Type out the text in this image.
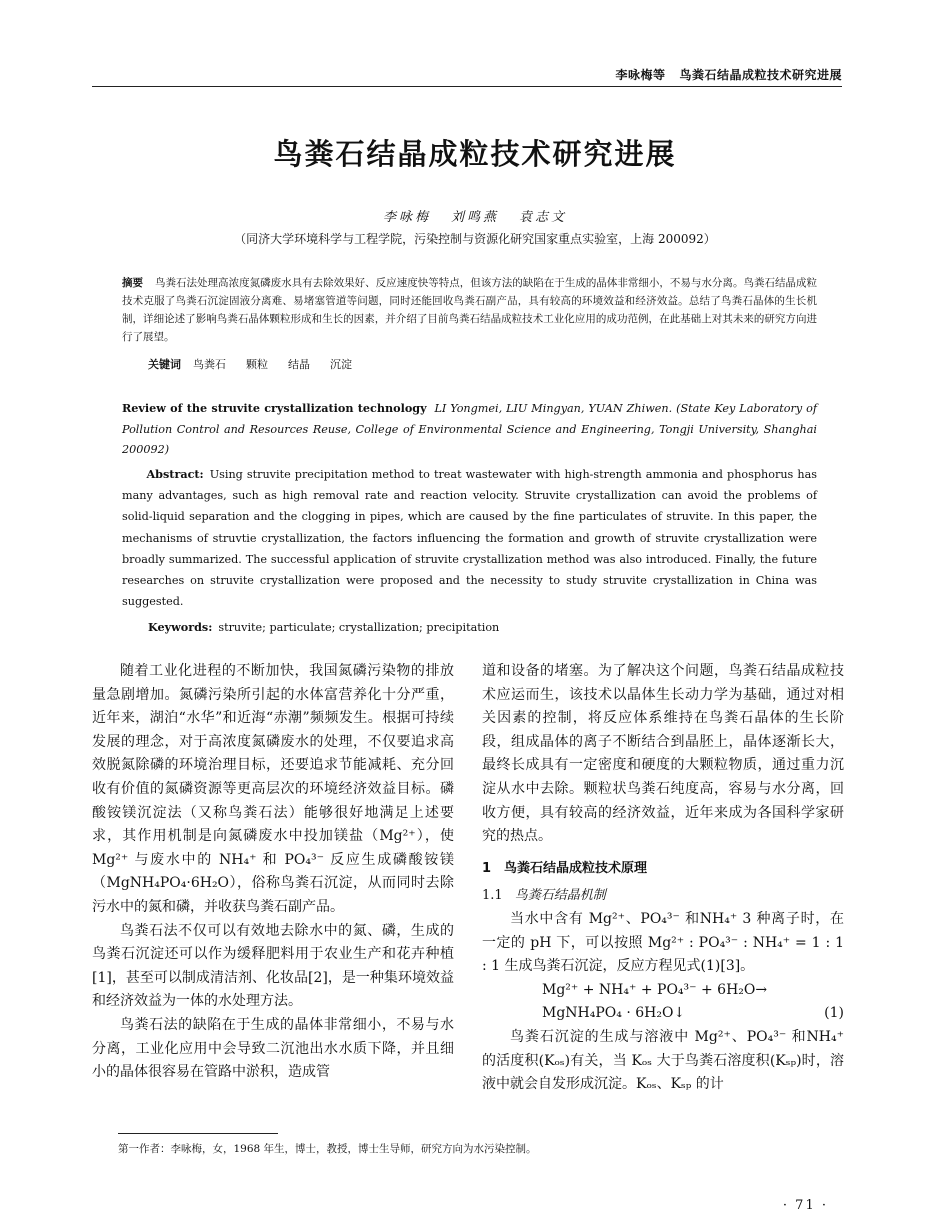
李咏梅等 鸟粪石结晶成粒技术研究进展
鸟粪石结晶成粒技术研究进展
李咏梅 刘鸣燕 袁志文
（同济大学环境科学与工程学院，污染控制与资源化研究国家重点实验室，上海 200092）
摘要 鸟粪石法处理高浓度氮磷废水具有去除效果好、反应速度快等特点，但该方法的缺陷在于生成的晶体非常细小，不易与水分离。鸟粪石结晶成粒技术克服了鸟粪石沉淀固液分离难、易堵塞管道等问题，同时还能回收鸟粪石副产品，具有较高的环境效益和经济效益。总结了鸟粪石晶体的生长机制，详细论述了影响鸟粪石晶体颗粒形成和生长的因素，并介绍了目前鸟粪石结晶成粒技术工业化应用的成功范例，在此基础上对其未来的研究方向进行了展望。
关键词 鸟粪石 颗粒 结晶 沉淀
Review of the struvite crystallization technology LI Yongmei, LIU Mingyan, YUAN Zhiwen. (State Key Laboratory of Pollution Control and Resources Reuse, College of Environmental Science and Engineering, Tongji University, Shanghai 200092)
Abstract: Using struvite precipitation method to treat wastewater with high-strength ammonia and phosphorus has many advantages, such as high removal rate and reaction velocity. Struvite crystallization can avoid the problems of solid-liquid separation and the clogging in pipes, which are caused by the fine particulates of struvite. In this paper, the mechanisms of struvtie crystallization, the factors influencing the formation and growth of struvite crystallization were broadly summarized. The successful application of struvite crystallization method was also introduced. Finally, the future researches on struvite crystallization were proposed and the necessity to study struvite crystallization in China was suggested.
Keywords: struvite; particulate; crystallization; precipitation

随着工业化进程的不断加快，我国氮磷污染物的排放量急剧增加。氮磷污染所引起的水体富营养化十分严重，近年来，湖泊“水华”和近海“赤潮”频频发生。根据可持续发展的理念，对于高浓度氮磷废水的处理，不仅要追求高效脱氮除磷的环境治理目标，还要追求节能减耗、充分回收有价值的氮磷资源等更高层次的环境经济效益目标。磷酸铵镁沉淀法（又称鸟粪石法）能够很好地满足上述要求，其作用机制是向氮磷废水中投加镁盐（Mg²⁺），使 Mg²⁺ 与废水中的 NH₄⁺ 和 PO₄³⁻ 反应生成磷酸铵镁（MgNH₄PO₄·6H₂O），俗称鸟粪石沉淀，从而同时去除污水中的氮和磷，并收获鸟粪石副产品。

鸟粪石法不仅可以有效地去除水中的氮、磷，生成的鸟粪石沉淀还可以作为缓释肥料用于农业生产和花卉种植[1]，甚至可以制成清洁剂、化妆品[2]，是一种集环境效益和经济效益为一体的水处理方法。

鸟粪石法的缺陷在于生成的晶体非常细小，不易与水分离，工业化应用中会导致二沉池出水水质下降，并且细小的晶体很容易在管路中淤积，造成管

道和设备的堵塞。为了解决这个问题，鸟粪石结晶成粒技术应运而生，该技术以晶体生长动力学为基础，通过对相关因素的控制，将反应体系维持在鸟粪石晶体的生长阶段，组成晶体的离子不断结合到晶胚上，晶体逐渐长大，最终长成具有一定密度和硬度的大颗粒物质，通过重力沉淀从水中去除。颗粒状鸟粪石纯度高，容易与水分离，回收方便，具有较高的经济效益，近年来成为各国科学家研究的热点。

1　鸟粪石结晶成粒技术原理
1.1 鸟粪石结晶机制

当水中含有 Mg²⁺、PO₄³⁻ 和NH₄⁺ 3 种离子时，在一定的 pH 下，可以按照 Mg²⁺ : PO₄³⁻ : NH₄⁺ = 1 : 1 : 1 生成鸟粪石沉淀，反应方程见式(1)[3]。

Mg²⁺ + NH₄⁺ + PO₄³⁻ + 6H₂O→
MgNH₄PO₄ · 6H₂O↓	(1)

鸟粪石沉淀的生成与溶液中 Mg²⁺、PO₄³⁻ 和NH₄⁺ 的活度积(Kₒₛ)有关，当 Kₒₛ 大于鸟粪石溶度积(Kₛₚ)时，溶液中就会自发形成沉淀。Kₒₛ、Kₛₚ 的计

第一作者：李咏梅，女，1968 年生，博士，教授，博士生导师，研究方向为水污染控制。
· 71 ·
